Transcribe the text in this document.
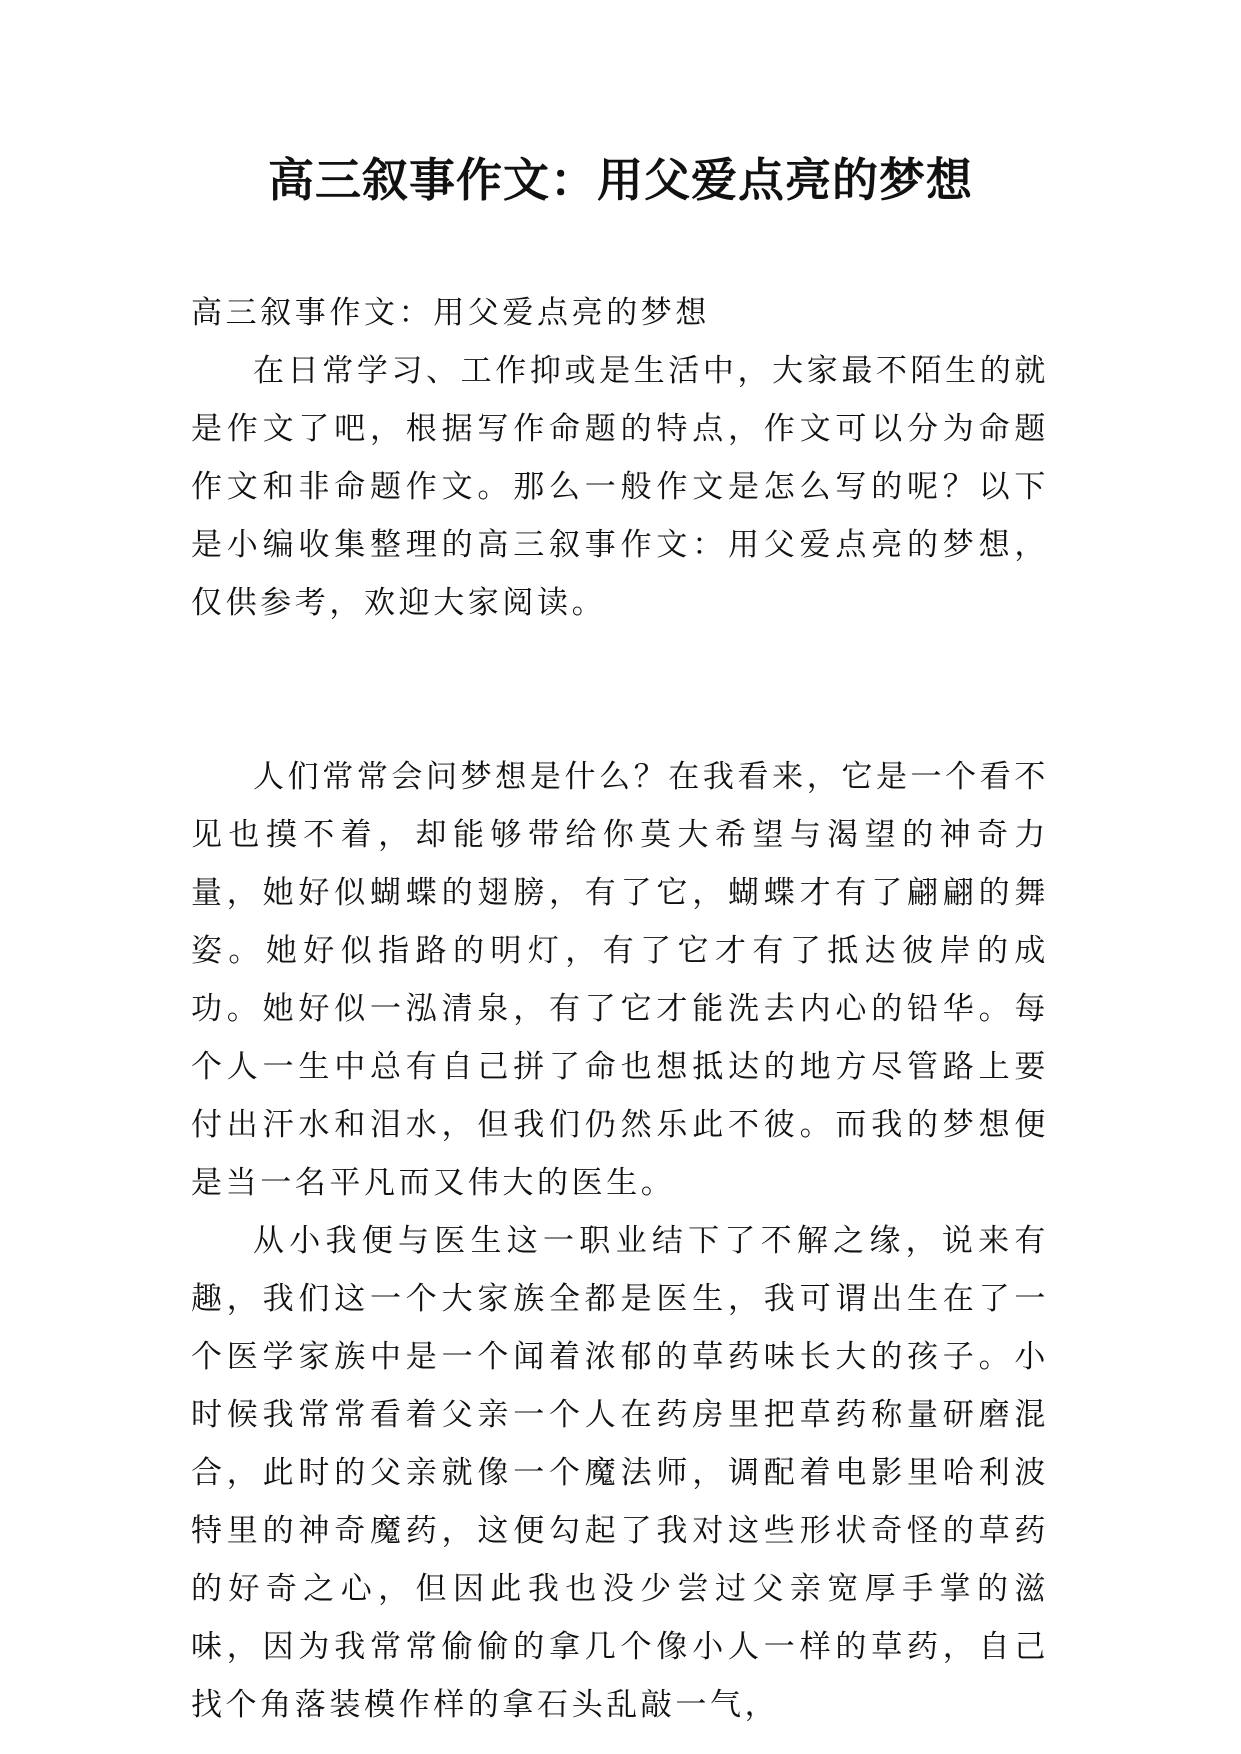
高三叙事作文：用父爱点亮的梦想

高三叙事作文：用父爱点亮的梦想

在日常学习、工作抑或是生活中，大家最不陌生的就是作文了吧，根据写作命题的特点，作文可以分为命题作文和非命题作文。那么一般作文是怎么写的呢？以下是小编收集整理的高三叙事作文：用父爱点亮的梦想，仅供参考，欢迎大家阅读。

人们常常会问梦想是什么？在我看来，它是一个看不见也摸不着，却能够带给你莫大希望与渴望的神奇力量，她好似蝴蝶的翅膀，有了它，蝴蝶才有了翩翩的舞姿。她好似指路的明灯，有了它才有了抵达彼岸的成功。她好似一泓清泉，有了它才能洗去内心的铅华。每个人一生中总有自己拼了命也想抵达的地方尽管路上要付出汗水和泪水，但我们仍然乐此不彼。而我的梦想便是当一名平凡而又伟大的医生。

从小我便与医生这一职业结下了不解之缘，说来有趣，我们这一个大家族全都是医生，我可谓出生在了一个医学家族中是一个闻着浓郁的草药味长大的孩子。小时候我常常看着父亲一个人在药房里把草药称量研磨混合，此时的父亲就像一个魔法师，调配着电影里哈利波特里的神奇魔药，这便勾起了我对这些形状奇怪的草药的好奇之心，但因此我也没少尝过父亲宽厚手掌的滋味，因为我常常偷偷的拿几个像小人一样的草药，自己找个角落装模作样的拿石头乱敲一气，
